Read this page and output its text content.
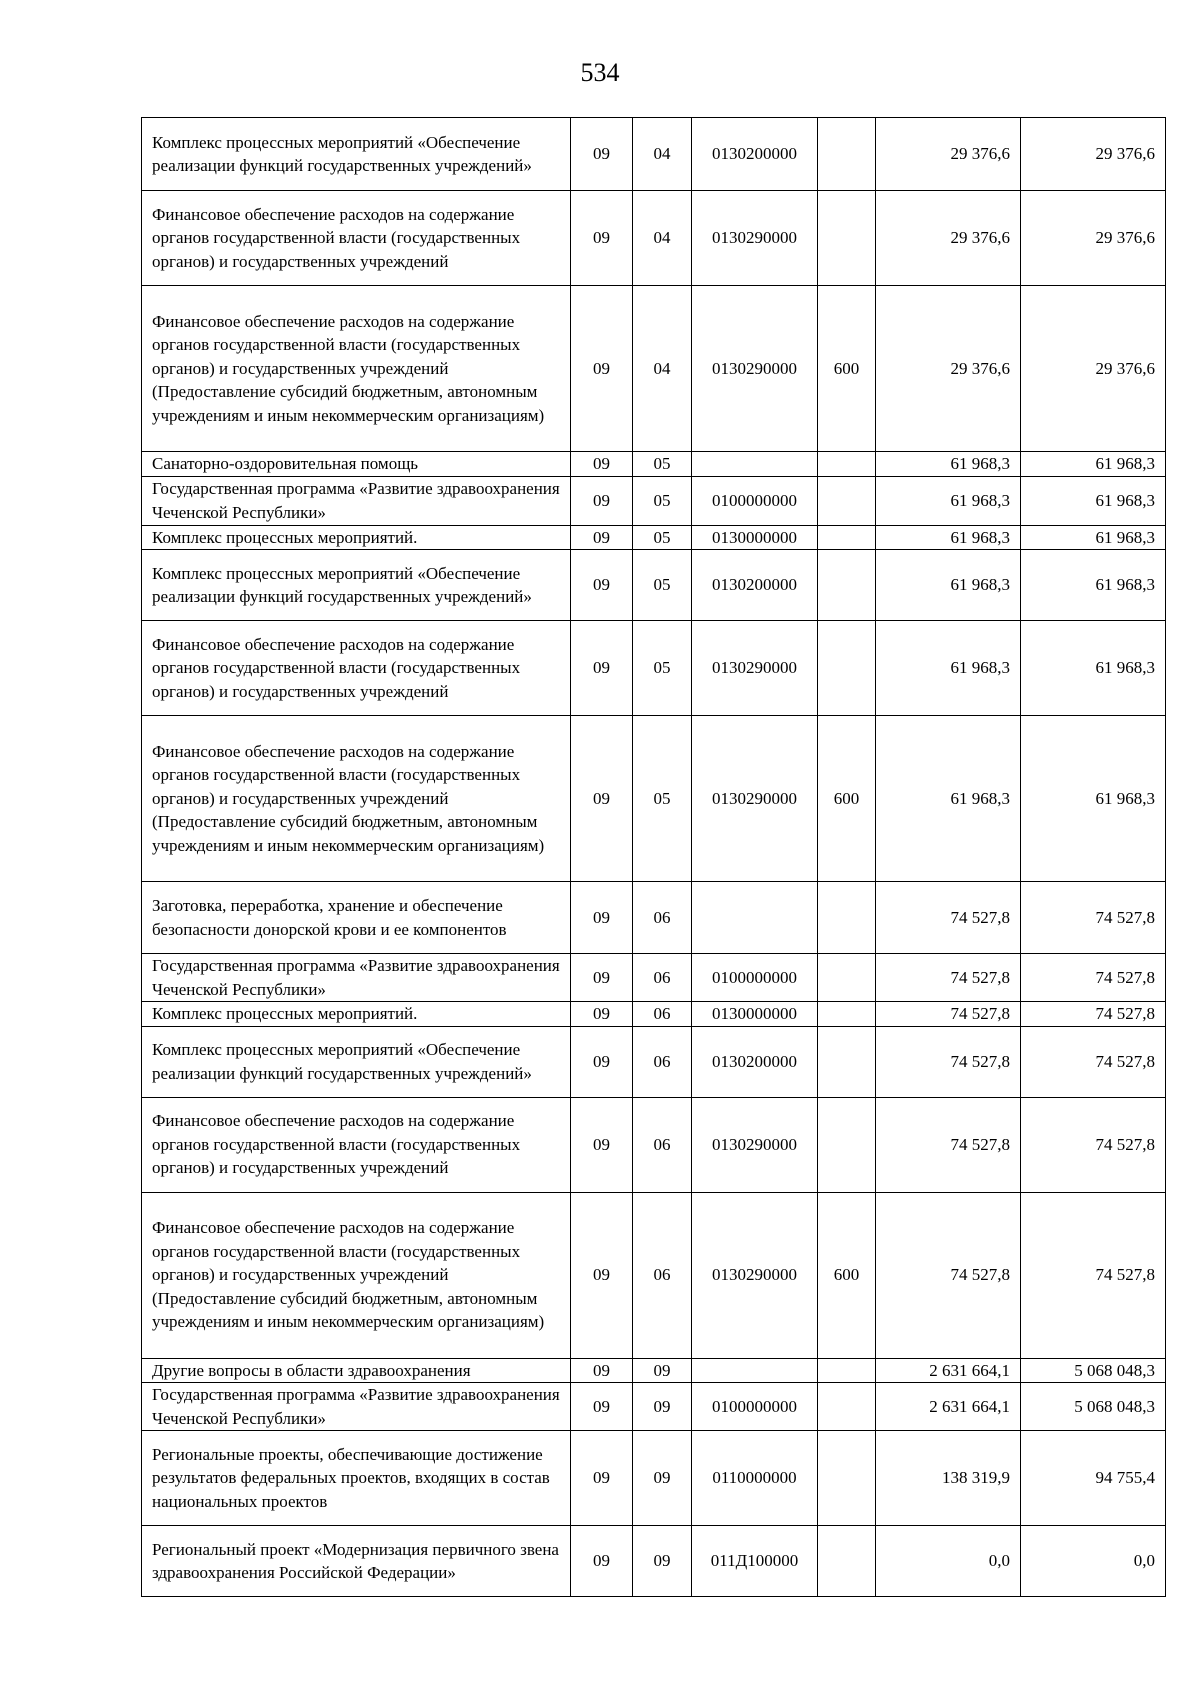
534
Комплекс процессных мероприятий «Обеспечение реализации функций государственных учреждений»	09	04	0130200000		29 376,6	29 376,6
Финансовое обеспечение расходов на содержание органов государственной власти (государственных органов) и государственных учреждений	09	04	0130290000		29 376,6	29 376,6
Финансовое обеспечение расходов на содержание органов государственной власти (государственных органов) и государственных учреждений (Предоставление субсидий бюджетным, автономным учреждениям и иным некоммерческим организациям)	09	04	0130290000	600	29 376,6	29 376,6
Санаторно-оздоровительная помощь	09	05			61 968,3	61 968,3
Государственная программа «Развитие здравоохранения Чеченской Республики»	09	05	0100000000		61 968,3	61 968,3
Комплекс процессных мероприятий.	09	05	0130000000		61 968,3	61 968,3
Комплекс процессных мероприятий «Обеспечение реализации функций государственных учреждений»	09	05	0130200000		61 968,3	61 968,3
Финансовое обеспечение расходов на содержание органов государственной власти (государственных органов) и государственных учреждений	09	05	0130290000		61 968,3	61 968,3
Финансовое обеспечение расходов на содержание органов государственной власти (государственных органов) и государственных учреждений (Предоставление субсидий бюджетным, автономным учреждениям и иным некоммерческим организациям)	09	05	0130290000	600	61 968,3	61 968,3
Заготовка, переработка, хранение и обеспечение безопасности донорской крови и ее компонентов	09	06			74 527,8	74 527,8
Государственная программа «Развитие здравоохранения Чеченской Республики»	09	06	0100000000		74 527,8	74 527,8
Комплекс процессных мероприятий.	09	06	0130000000		74 527,8	74 527,8
Комплекс процессных мероприятий «Обеспечение реализации функций государственных учреждений»	09	06	0130200000		74 527,8	74 527,8
Финансовое обеспечение расходов на содержание органов государственной власти (государственных органов) и государственных учреждений	09	06	0130290000		74 527,8	74 527,8
Финансовое обеспечение расходов на содержание органов государственной власти (государственных органов) и государственных учреждений (Предоставление субсидий бюджетным, автономным учреждениям и иным некоммерческим организациям)	09	06	0130290000	600	74 527,8	74 527,8
Другие вопросы в области здравоохранения	09	09			2 631 664,1	5 068 048,3
Государственная программа «Развитие здравоохранения Чеченской Республики»	09	09	0100000000		2 631 664,1	5 068 048,3
Региональные проекты, обеспечивающие достижение результатов федеральных проектов, входящих в состав национальных проектов	09	09	0110000000		138 319,9	94 755,4
Региональный проект «Модернизация первичного звена здравоохранения Российской Федерации»	09	09	011Д100000		0,0	0,0
